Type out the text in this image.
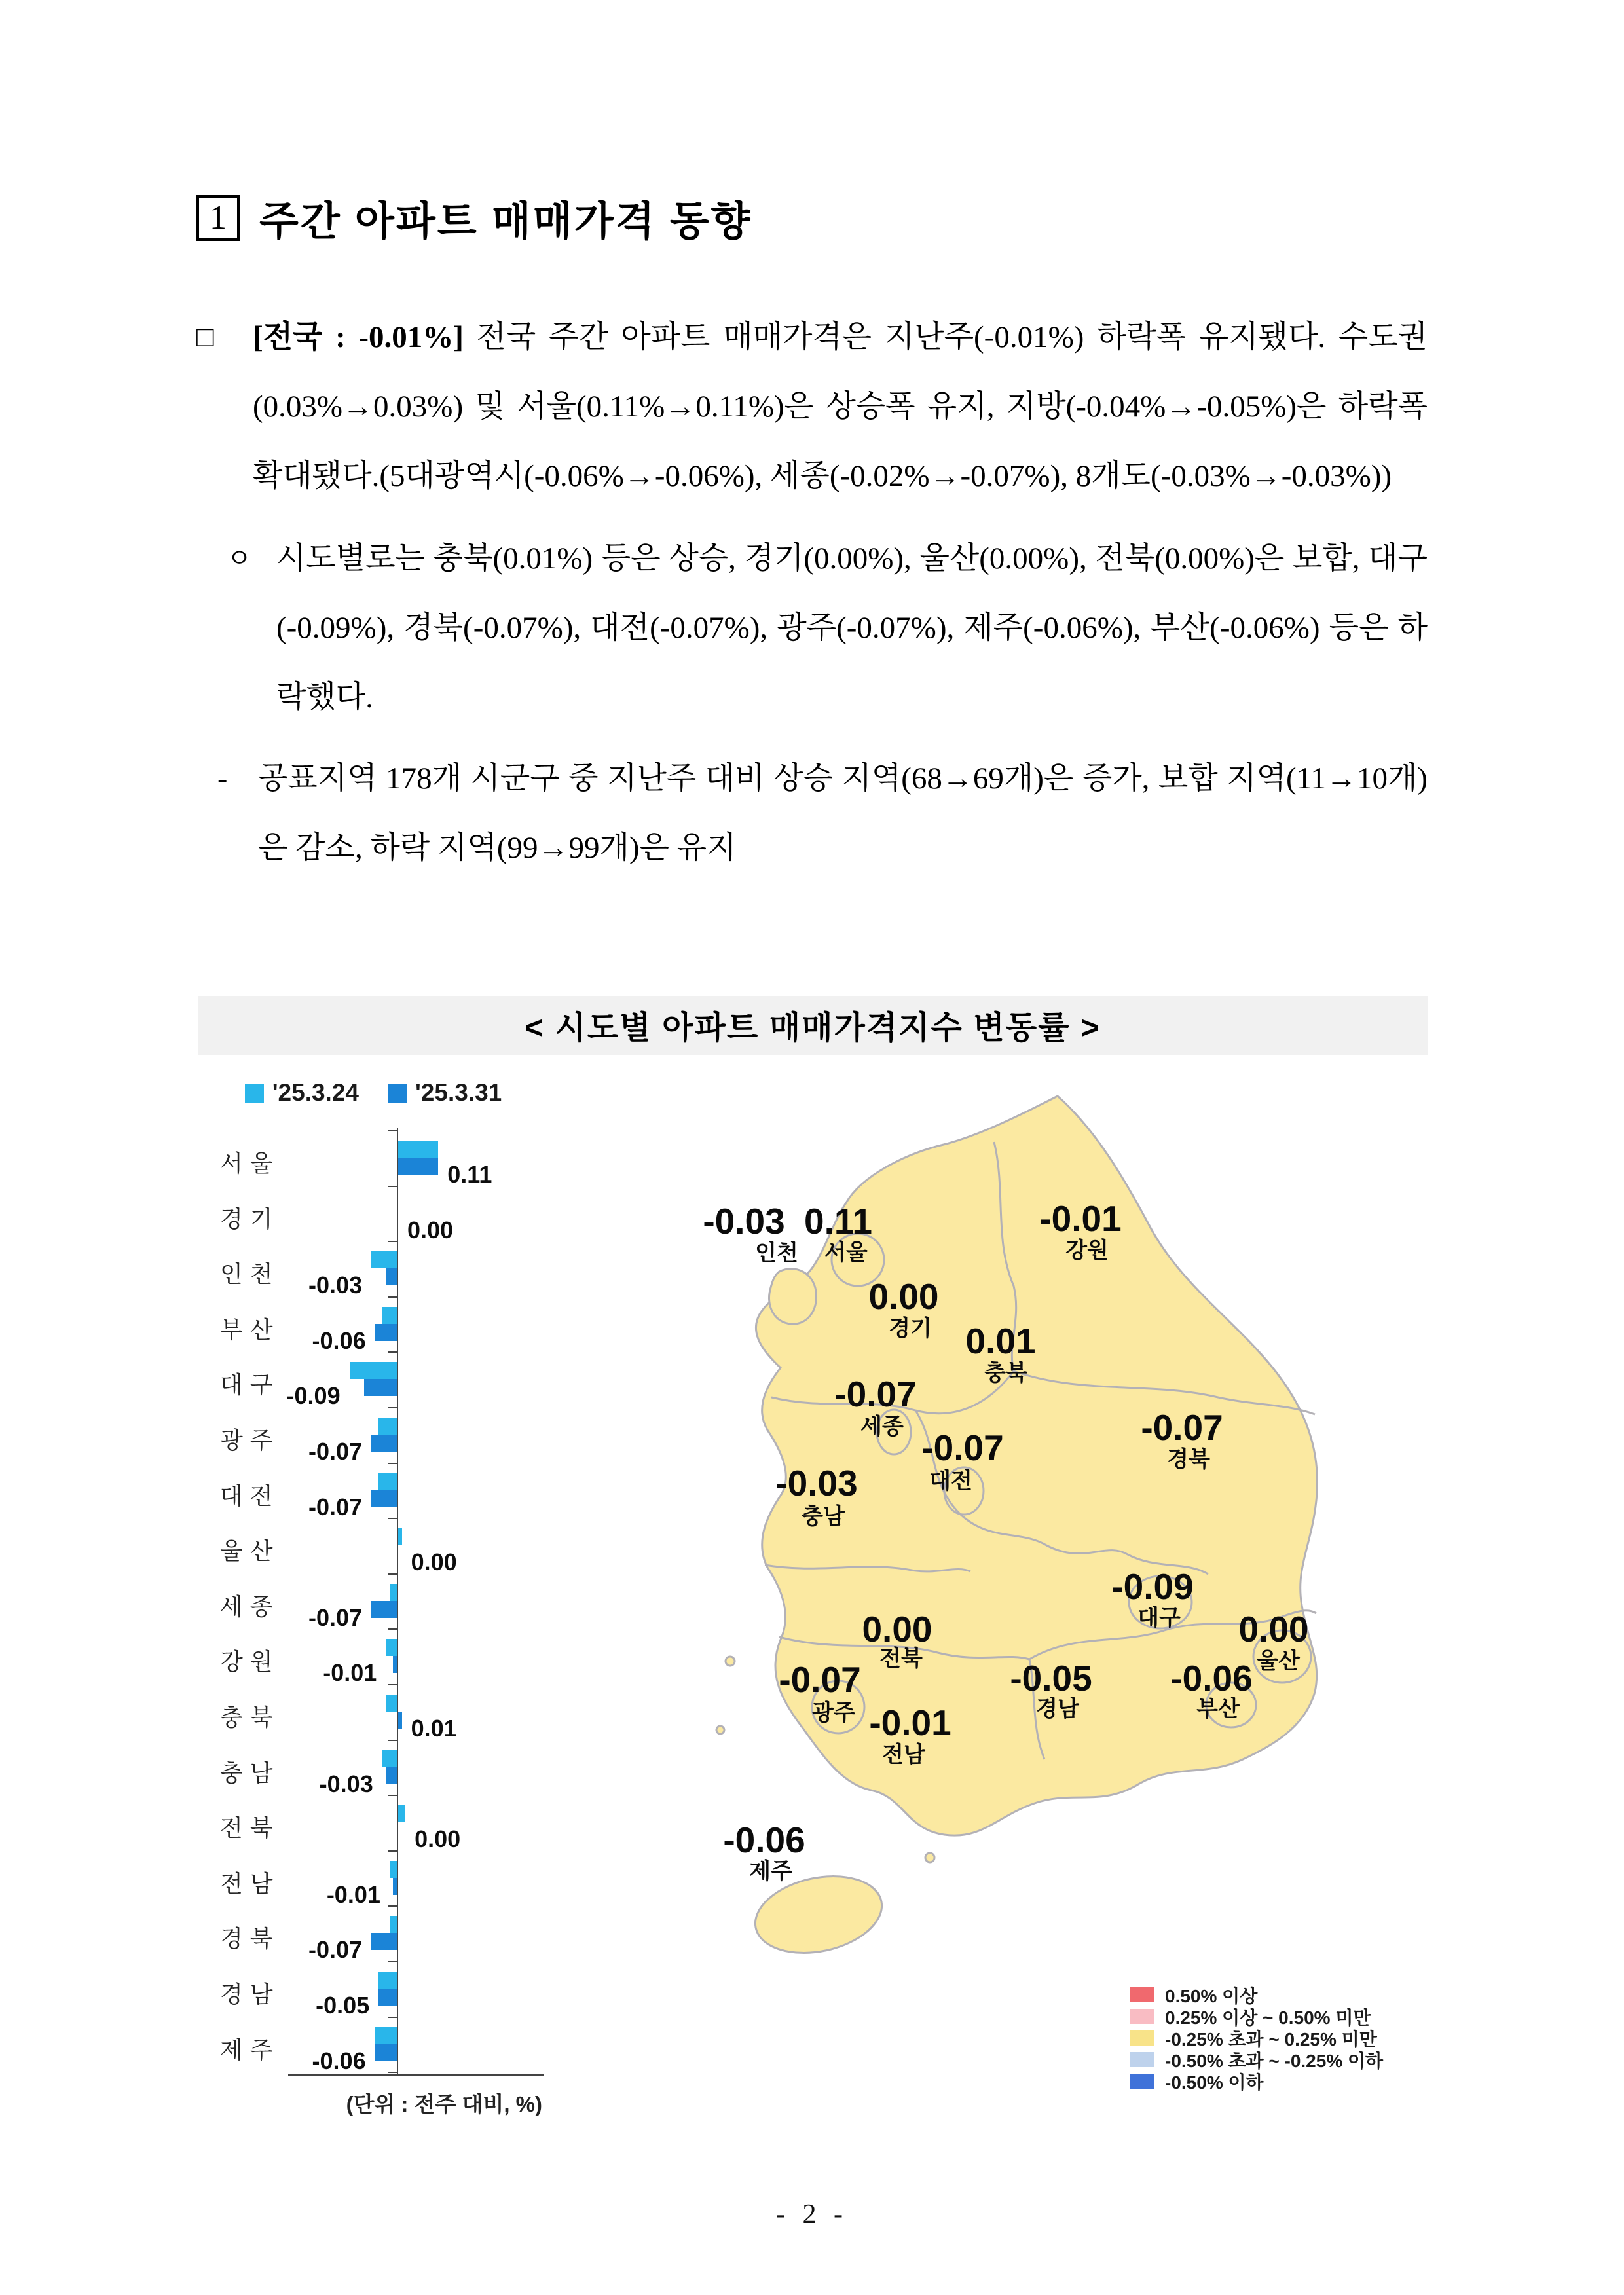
1 주간 아파트 매매가격 동향
□ [전국 : -0.01%] 전국 주간 아파트 매매가격은 지난주(-0.01%) 하락폭 유지됐다. 수도권(0.03%→0.03%) 및 서울(0.11%→0.11%)은 상승폭 유지, 지방(-0.04%→-0.05%)은 하락폭 확대됐다.(5대광역시(-0.06%→-0.06%), 세종(-0.02%→-0.07%), 8개도(-0.03%→-0.03%))
ㅇ 시도별로는 충북(0.01%) 등은 상승, 경기(0.00%), 울산(0.00%), 전북(0.00%)은 보합, 대구(-0.09%), 경북(-0.07%), 대전(-0.07%), 광주(-0.07%), 제주(-0.06%), 부산(-0.06%) 등은 하락했다.
- 공표지역 178개 시군구 중 지난주 대비 상승 지역(68→69개)은 증가, 보합 지역(11→10개)은 감소, 하락 지역(99→99개)은 유지
< 시도별 아파트 매매가격지수 변동률 >
'25.3.24 '25.3.31
서울	0.11
경기	0.00
인천 -0.03
부산 -0.06
대구 -0.09
광주 -0.07
대전 -0.07
울산	0.00
세종 -0.07
강원 -0.01
충북	0.01
충남 -0.03
전북	0.00
전남 -0.01
경북 -0.07
경남 -0.05
제주 -0.06
(단위 : 전주 대비, %)
0.11
서울
-0.03
인천
-0.01
강원
0.00
경기 0.01
충북
-0.07
세종
-0.07
대전
-0.03
충남
-0.07
경북
-0.09
대구 0.00
울산
0.00
전북
-0.07
광주
-0.05
경남
-0.06
부산
-0.01
전남
-0.06
제주
0.50% 이상
0.25% 이상 ~ 0.50% 미만
-0.25% 초과 ~ 0.25% 미만
-0.50% 초과 ~ -0.25% 이하
-0.50% 이하
- 2 -
